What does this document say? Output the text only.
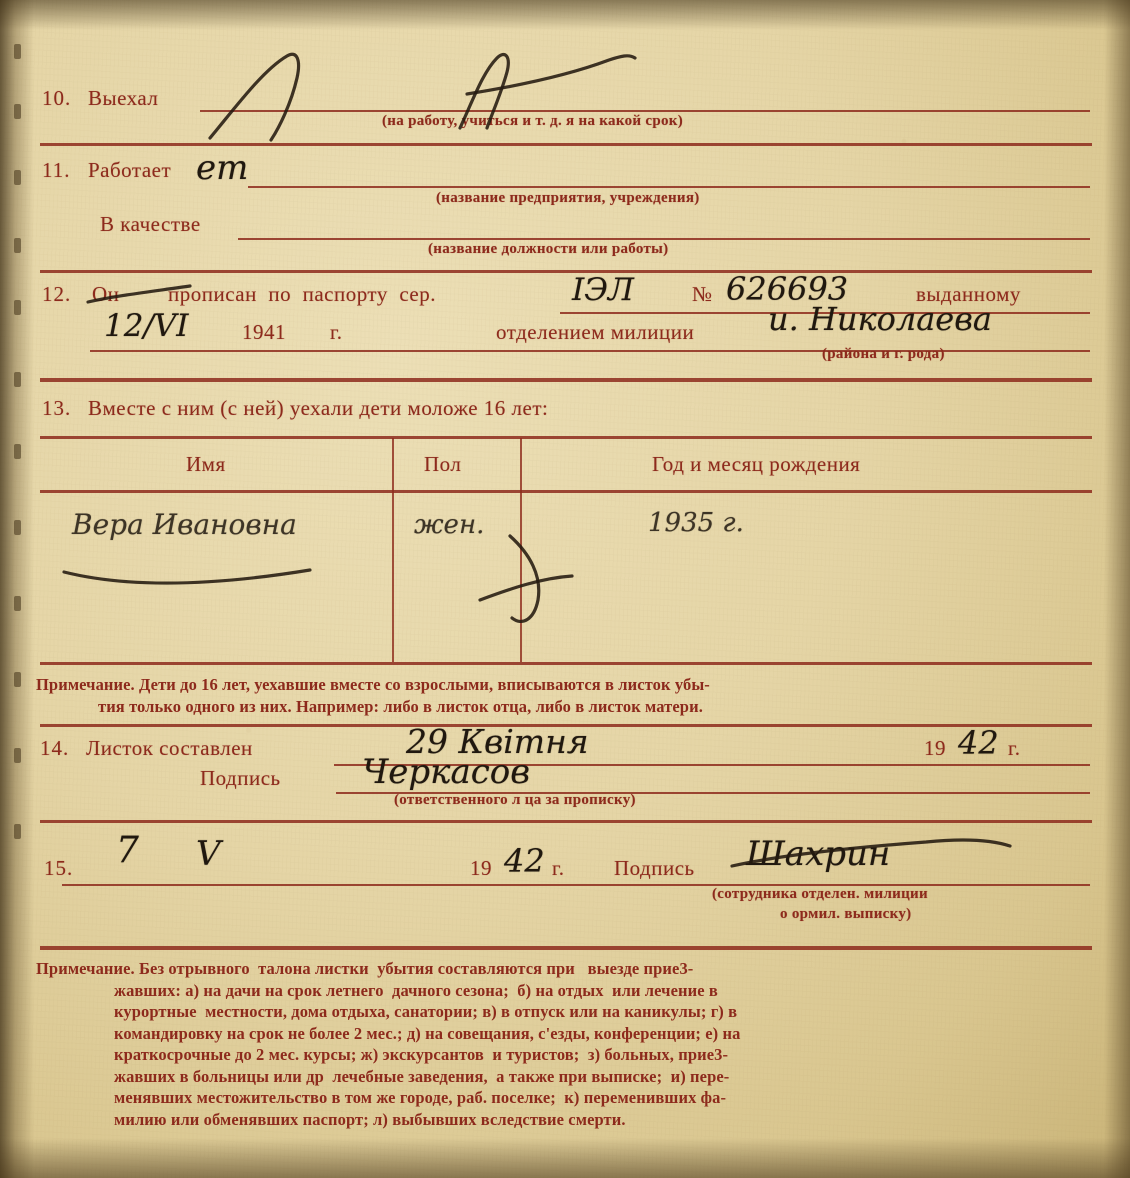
10. Выехал
(на работу, учиться и т. д. я на какой срок)
11. Работает ет
(название предприятия, учреждения)
В качестве
(название должности или работы)
12. Он прописан  по  паспорту  сер.	IЭЛ	№ 626693	выданному
12/VI	1941 г.	отделением милиции и. Николаева
(района и г. рода)
13. Вместе с ним (с ней) уехали дети моложе 16 лет:
Имя	Пол	Год и месяц рождения
Вера Ивановна	жен.	1935 г.
Примечание. Дети до 16 лет, уехавшие вместе со взрослыми, вписываются в листок убы-
тия только одного из них. Например: либо в листок отца, либо в листок матери.
14. Листок составлен	29 Квiтня	19 42 г.
Подпись Черкасов
(ответственного л ца за прописку)
15. 7 V	19 42 г. Подпись Шахрин
(сотрудника отделен. милиции
о ормил. выписку)
Примечание. Без отрывного  талона листки  убытия составляются при   выезде прие3-
жавших: а) на дачи на срок летнего  дачного сезона;  б) на отдых  или лечение в
курортные  местности, дома отдыха, санатории; в) в отпуск или на каникулы; г) в
командировку на срок не более 2 мес.; д) на совещания, с'езды, конференции; е) на
краткосрочные до 2 мес. курсы; ж) экскурсантов  и туристов;  з) больных, прие3-
жавших в больницы или др  лечебные заведения,  а также при выписке;  и) пере-
менявших местожительство в том же городе, раб. поселке;  к) переменивших фа-
милию или обменявших паспорт; л) выбывших вследствие смерти.
